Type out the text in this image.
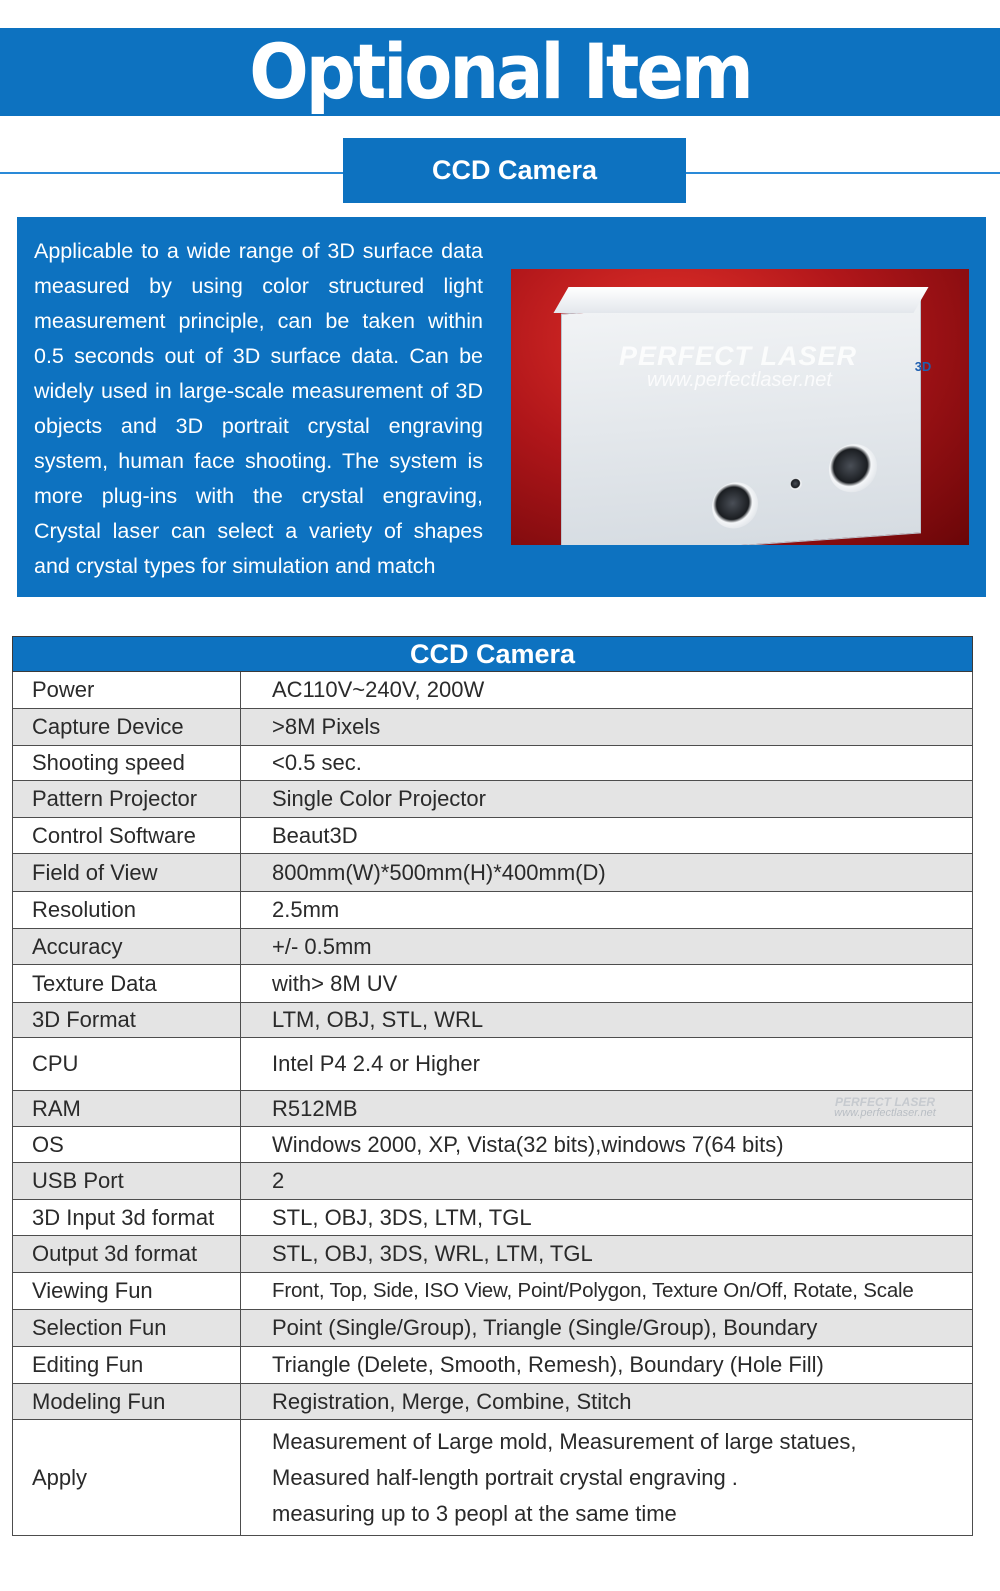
Optional Item
CCD Camera

Applicable to a wide range of 3D surface data measured by using color structured light measurement principle, can be taken within 0.5 seconds out of 3D surface data. Can be widely used in large-scale measurement of 3D objects and 3D portrait crystal engraving system, human face shooting. The system is more plug-ins with the crystal engraving, Crystal laser can select a variety of shapes and crystal types for simulation and match

PERFECT LASER
www.perfectlaser.net
3D
CCD Camera	
Power	AC110V~240V, 200W
Capture Device	>8M Pixels
Shooting speed	<0.5 sec.
Pattern Projector	Single Color Projector
Control Software	Beaut3D
Field of View	800mm(W)*500mm(H)*400mm(D)
Resolution	2.5mm
Accuracy	+/- 0.5mm
Texture Data	with> 8M UV
3D Format	LTM, OBJ, STL, WRL
CPU	Intel P4 2.4 or Higher
RAM	R512MB
OS	Windows 2000, XP, Vista(32 bits),windows 7(64 bits)
USB Port	2
3D Input 3d format	STL, OBJ, 3DS, LTM, TGL
Output 3d format	STL, OBJ, 3DS, WRL, LTM, TGL
Viewing Fun	Front, Top, Side, ISO View, Point/Polygon, Texture On/Off, Rotate, Scale
Selection Fun	Point (Single/Group), Triangle (Single/Group), Boundary
Editing Fun	Triangle (Delete, Smooth, Remesh), Boundary (Hole Fill)
Modeling Fun	Registration, Merge, Combine, Stitch
Apply	Measurement of Large mold, Measurement of large statues,
Measured half-length portrait crystal engraving .
measuring up to 3 peopl at the same time
PERFECT LASER
www.perfectlaser.net
